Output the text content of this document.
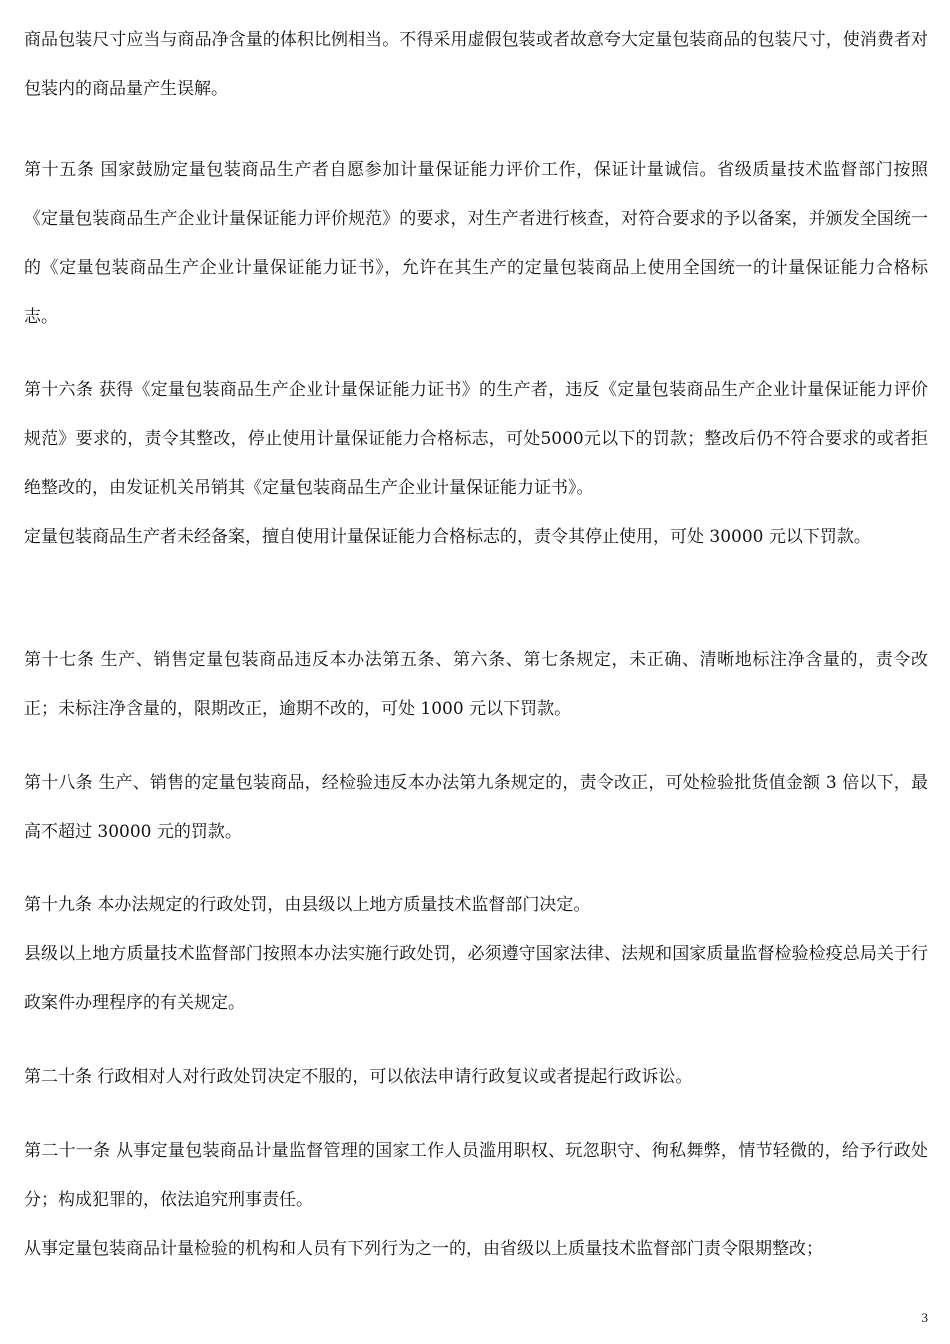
商品包装尺寸应当与商品净含量的体积比例相当。不得采用虚假包装或者故意夸大定量包装商品的包装尺寸，使消费者对包装内的商品量产生误解。

第十五条 国家鼓励定量包装商品生产者自愿参加计量保证能力评价工作，保证计量诚信。省级质量技术监督部门按照《定量包装商品生产企业计量保证能力评价规范》的要求，对生产者进行核查，对符合要求的予以备案，并颁发全国统一的《定量包装商品生产企业计量保证能力证书》，允许在其生产的定量包装商品上使用全国统一的计量保证能力合格标志。

第十六条 获得《定量包装商品生产企业计量保证能力证书》的生产者，违反《定量包装商品生产企业计量保证能力评价规范》要求的，责令其整改，停止使用计量保证能力合格标志，可处5000元以下的罚款；整改后仍不符合要求的或者拒绝整改的，由发证机关吊销其《定量包装商品生产企业计量保证能力证书》。

定量包装商品生产者未经备案，擅自使用计量保证能力合格标志的，责令其停止使用，可处 30000 元以下罚款。

第十七条 生产、销售定量包装商品违反本办法第五条、第六条、第七条规定，未正确、清晰地标注净含量的，责令改正；未标注净含量的，限期改正，逾期不改的，可处 1000 元以下罚款。

第十八条 生产、销售的定量包装商品，经检验违反本办法第九条规定的，责令改正，可处检验批货值金额 3 倍以下，最高不超过 30000 元的罚款。

第十九条 本办法规定的行政处罚，由县级以上地方质量技术监督部门决定。

县级以上地方质量技术监督部门按照本办法实施行政处罚，必须遵守国家法律、法规和国家质量监督检验检疫总局关于行政案件办理程序的有关规定。

第二十条 行政相对人对行政处罚决定不服的，可以依法申请行政复议或者提起行政诉讼。

第二十一条 从事定量包装商品计量监督管理的国家工作人员滥用职权、玩忽职守、徇私舞弊，情节轻微的，给予行政处分；构成犯罪的，依法追究刑事责任。

从事定量包装商品计量检验的机构和人员有下列行为之一的，由省级以上质量技术监督部门责令限期整改；

3
